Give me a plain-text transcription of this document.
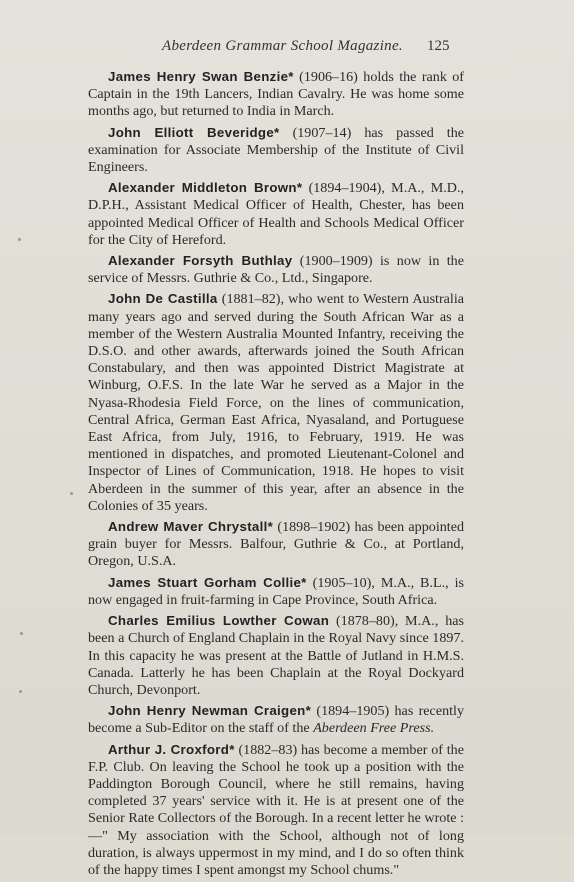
Aberdeen Grammar School Magazine. 125

James Henry Swan Benzie* (1906–16) holds the rank of Captain in the 19th Lancers, Indian Cavalry. He was home some months ago, but returned to India in March.

John Elliott Beveridge* (1907–14) has passed the examination for Associate Membership of the Institute of Civil Engineers.

Alexander Middleton Brown* (1894–1904), M.A., M.D., D.P.H., Assistant Medical Officer of Health, Chester, has been appointed Medical Officer of Health and Schools Medical Officer for the City of Hereford.

Alexander Forsyth Buthlay (1900–1909) is now in the service of Messrs. Guthrie & Co., Ltd., Singapore.

John De Castilla (1881–82), who went to Western Australia many years ago and served during the South African War as a member of the Western Australia Mounted Infantry, receiving the D.S.O. and other awards, afterwards joined the South African Constabulary, and then was appointed District Magistrate at Winburg, O.F.S. In the late War he served as a Major in the Nyasa-Rhodesia Field Force, on the lines of communication, Central Africa, German East Africa, Nyasaland, and Portuguese East Africa, from July, 1916, to February, 1919. He was mentioned in dispatches, and promoted Lieutenant-Colonel and Inspector of Lines of Communication, 1918. He hopes to visit Aberdeen in the summer of this year, after an absence in the Colonies of 35 years.

Andrew Maver Chrystall* (1898–1902) has been appointed grain buyer for Messrs. Balfour, Guthrie & Co., at Portland, Oregon, U.S.A.

James Stuart Gorham Collie* (1905–10), M.A., B.L., is now engaged in fruit-farming in Cape Province, South Africa.

Charles Emilius Lowther Cowan (1878–80), M.A., has been a Church of England Chaplain in the Royal Navy since 1897. In this capacity he was present at the Battle of Jutland in H.M.S. Canada. Latterly he has been Chaplain at the Royal Dockyard Church, Devonport.

John Henry Newman Craigen* (1894–1905) has recently become a Sub-Editor on the staff of the Aberdeen Free Press.

Arthur J. Croxford* (1882–83) has become a member of the F.P. Club. On leaving the School he took up a position with the Paddington Borough Council, where he still remains, having completed 37 years' service with it. He is at present one of the Senior Rate Collectors of the Borough. In a recent letter he wrote :—" My association with the School, although not of long duration, is always uppermost in my mind, and I do so often think of the happy times I spent amongst my School chums."
